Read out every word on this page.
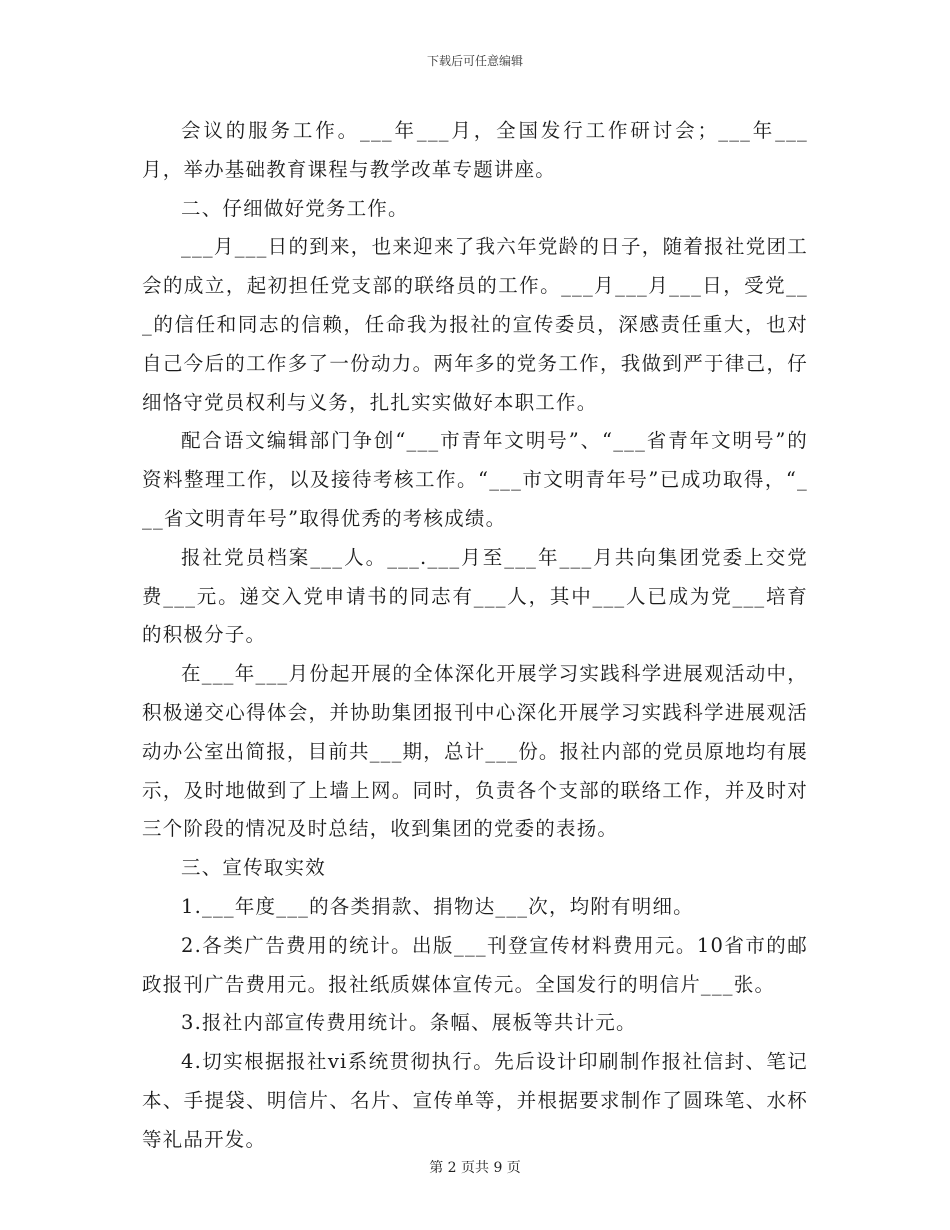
下载后可任意编辑

会议的服务工作。___年___月，全国发行工作研讨会；___年___月，举办基础教育课程与教学改革专题讲座。

二、仔细做好党务工作。

___月___日的到来，也来迎来了我六年党龄的日子，随着报社党团工会的成立，起初担任党支部的联络员的工作。___月___月___日，受党___的信任和同志的信赖，任命我为报社的宣传委员，深感责任重大，也对自己今后的工作多了一份动力。两年多的党务工作，我做到严于律己，仔细恪守党员权利与义务，扎扎实实做好本职工作。

配合语文编辑部门争创“___市青年文明号”、“___省青年文明号”的资料整理工作，以及接待考核工作。“___市文明青年号”已成功取得，“___省文明青年号”取得优秀的考核成绩。

报社党员档案___人。___.___月至___年___月共向集团党委上交党费___元。递交入党申请书的同志有___人，其中___人已成为党___培育的积极分子。

在___年___月份起开展的全体深化开展学习实践科学进展观活动中，积极递交心得体会，并协助集团报刊中心深化开展学习实践科学进展观活动办公室出简报，目前共___期，总计___份。报社内部的党员原地均有展示，及时地做到了上墙上网。同时，负责各个支部的联络工作，并及时对三个阶段的情况及时总结，收到集团的党委的表扬。

三、宣传取实效

1.___年度___的各类捐款、捐物达___次，均附有明细。

2.各类广告费用的统计。出版___刊登宣传材料费用元。10省市的邮政报刊广告费用元。报社纸质媒体宣传元。全国发行的明信片___张。

3.报社内部宣传费用统计。条幅、展板等共计元。

4.切实根据报社vi系统贯彻执行。先后设计印刷制作报社信封、笔记本、手提袋、明信片、名片、宣传单等，并根据要求制作了圆珠笔、水杯等礼品开发。

第 2 页共 9 页
